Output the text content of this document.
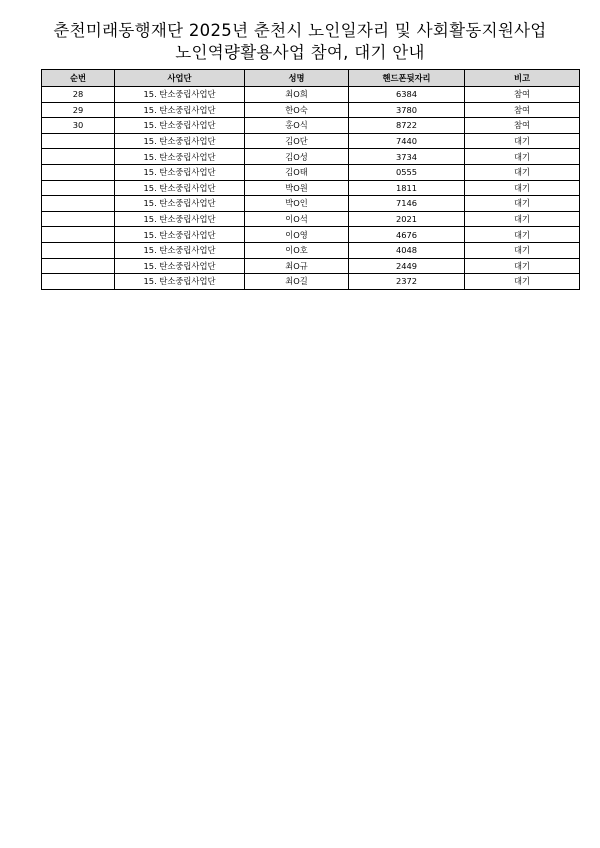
춘천미래동행재단 2025년 춘천시 노인일자리 및 사회활동지원사업
노인역량활용사업 참여, 대기 안내
순번	사업단	성명	핸드폰뒷자리	비고
28	15. 탄소중립사업단	최O희	6384	참여
29	15. 탄소중립사업단	한O숙	3780	참여
30	15. 탄소중립사업단	홍O식	8722	참여
	15. 탄소중립사업단	김O단	7440	대기
	15. 탄소중립사업단	김O성	3734	대기
	15. 탄소중립사업단	김O태	0555	대기
	15. 탄소중립사업단	박O원	1811	대기
	15. 탄소중립사업단	박O인	7146	대기
	15. 탄소중립사업단	이O석	2021	대기
	15. 탄소중립사업단	이O영	4676	대기
	15. 탄소중립사업단	이O호	4048	대기
	15. 탄소중립사업단	최O규	2449	대기
	15. 탄소중립사업단	최O길	2372	대기
